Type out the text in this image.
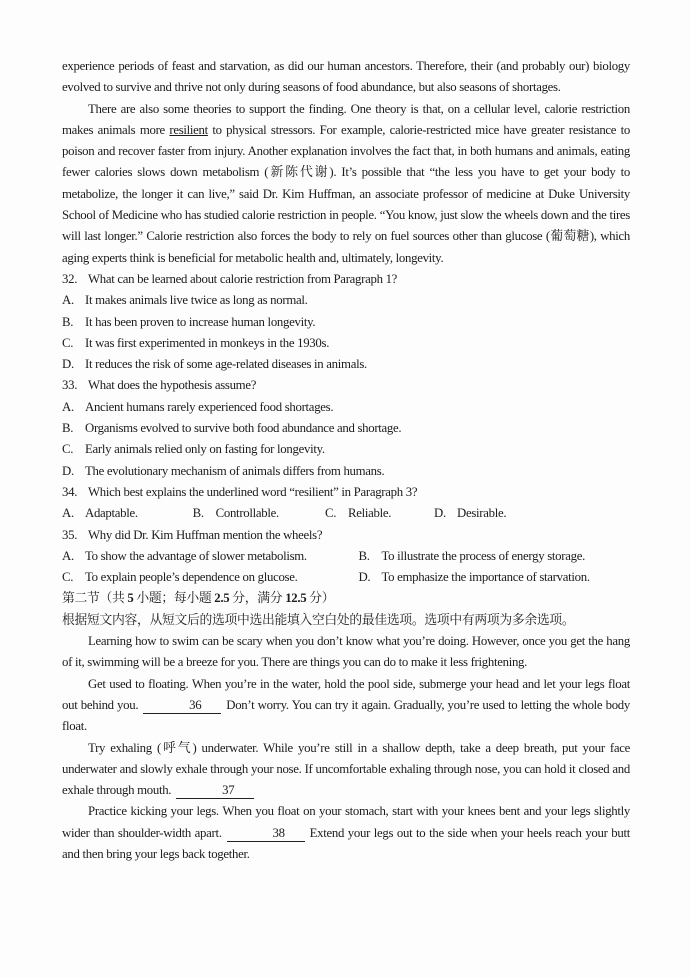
experience periods of feast and starvation, as did our human ancestors. Therefore, their (and probably our) biology evolved to survive and thrive not only during seasons of food abundance, but also seasons of shortages.

There are also some theories to support the finding. One theory is that, on a cellular level, calorie restriction makes animals more resilient to physical stressors. For example, calorie-restricted mice have greater resistance to poison and recover faster from injury. Another explanation involves the fact that, in both humans and animals, eating fewer calories slows down metabolism (新陈代谢). It’s possible that “the less you have to get your body to metabolize, the longer it can live,” said Dr. Kim Huffman, an associate professor of medicine at Duke University School of Medicine who has studied calorie restriction in people. “You know, just slow the wheels down and the tires will last longer.” Calorie restriction also forces the body to rely on fuel sources other than glucose (葡萄糖), which aging experts think is beneficial for metabolic health and, ultimately, longevity.

32. What can be learned about calorie restriction from Paragraph 1?
A. It makes animals live twice as long as normal.
B. It has been proven to increase human longevity.
C. It was first experimented in monkeys in the 1930s.
D. It reduces the risk of some age-related diseases in animals.
33. What does the hypothesis assume?
A. Ancient humans rarely experienced food shortages.
B. Organisms evolved to survive both food abundance and shortage.
C. Early animals relied only on fasting for longevity.
D. The evolutionary mechanism of animals differs from humans.
34. Which best explains the underlined word “resilient” in Paragraph 3?
A. Adaptable.	B. Controllable.	C. Reliable.	D. Desirable.
35. Why did Dr. Kim Huffman mention the wheels?
A. To show the advantage of slower metabolism.	B. To illustrate the process of energy storage.
C. To explain people’s dependence on glucose.	D. To emphasize the importance of starvation.
第二节（共 5 小题；每小题 2.5 分，满分 12.5 分）
根据短文内容，从短文后的选项中选出能填入空白处的最佳选项。选项中有两项为多余选项。

Learning how to swim can be scary when you don’t know what you’re doing. However, once you get the hang of it, swimming will be a breeze for you. There are things you can do to make it less frightening.

Get used to floating. When you’re in the water, hold the pool side, submerge your head and let your legs float out behind you.	36 Don’t worry. You can try it again. Gradually, you’re used to letting the whole body float.

Try exhaling (呼气) underwater. While you’re still in a shallow depth, take a deep breath, put your face underwater and slowly exhale through your nose. If uncomfortable exhaling through nose, you can hold it closed and exhale through mouth.	37

Practice kicking your legs. When you float on your stomach, start with your knees bent and your legs slightly wider than shoulder-width apart.	38 Extend your legs out to the side when your heels reach your butt and then bring your legs back together.
